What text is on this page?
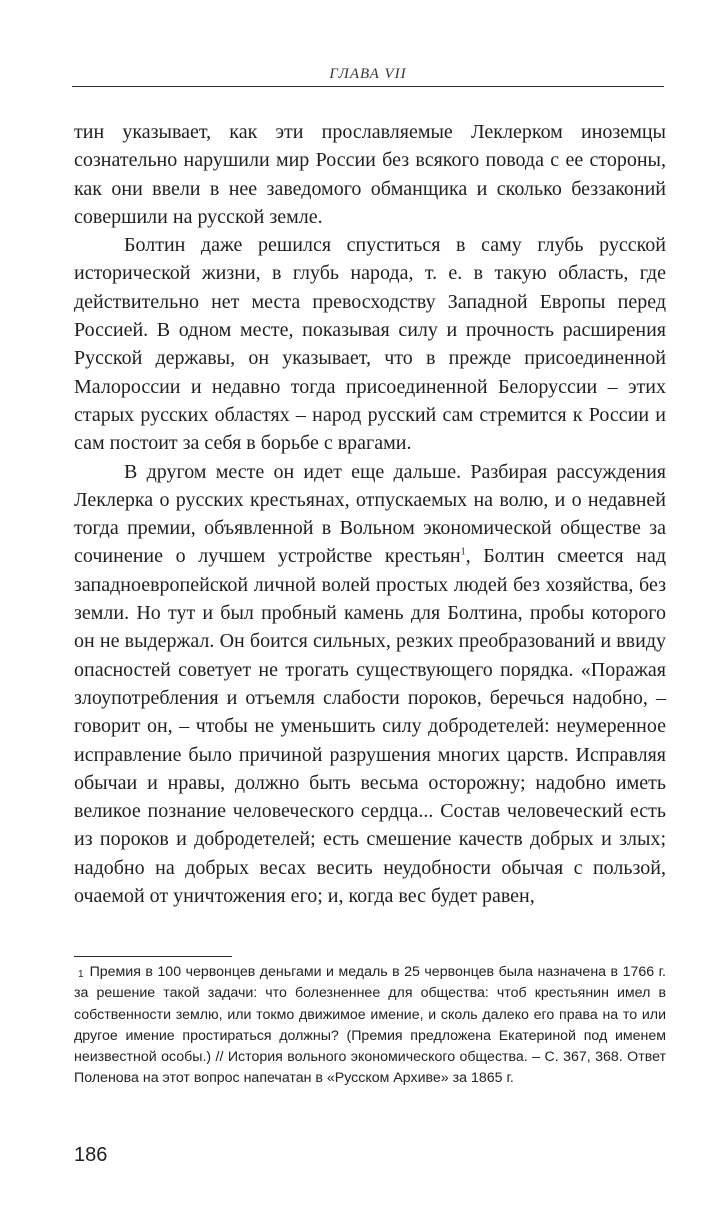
ГЛАВА VII

тин указывает, как эти прославляемые Леклерком иноземцы сознательно нарушили мир России без всякого повода с ее стороны, как они ввели в нее заведомого обманщика и сколько беззаконий совершили на русской земле.

Болтин даже решился спуститься в саму глубь русской исторической жизни, в глубь народа, т. е. в такую область, где действительно нет места превосходству Западной Европы перед Россией. В одном месте, показывая силу и прочность расширения Русской державы, он указывает, что в прежде присоединенной Малороссии и недавно тогда присоединенной Белоруссии – этих старых русских областях – народ русский сам стремится к России и сам постоит за себя в борьбе с врагами.

В другом месте он идет еще дальше. Разбирая рассуждения Леклерка о русских крестьянах, отпускаемых на волю, и о недавней тогда премии, объявленной в Вольном экономической обществе за сочинение о лучшем устройстве крестьян$^1$, Болтин смеется над западноевропейской личной волей простых людей без хозяйства, без земли. Но тут и был пробный камень для Болтина, пробы которого он не выдержал. Он боится сильных, резких преобразований и ввиду опасностей советует не трогать существующего порядка. «Поражая злоупотребления и отъемля слабости пороков, беречься надобно, – говорит он, – чтобы не уменьшить силу добродетелей: неумеренное исправление было причиной разрушения многих царств. Исправляя обычаи и нравы, должно быть весьма осторожну; надобно иметь великое познание человеческого сердца... Состав человеческий есть из пороков и добродетелей; есть смешение качеств добрых и злых; надобно на добрых весах весить неудобности обычая с пользой, очаемой от уничтожения его; и, когда вес будет равен,

$^1$ Премия в 100 червонцев деньгами и медаль в 25 червонцев была назначена в 1766 г. за решение такой задачи: что болезненнее для общества: чтоб крестьянин имел в собственности землю, или токмо движимое имение, и сколь далеко его права на то или другое имение простираться должны? (Премия предложена Екатериной под именем неизвестной особы.) // История вольного экономического общества. – С. 367, 368. Ответ Поленова на этот вопрос напечатан в «Русском Архиве» за 1865 г.
186
